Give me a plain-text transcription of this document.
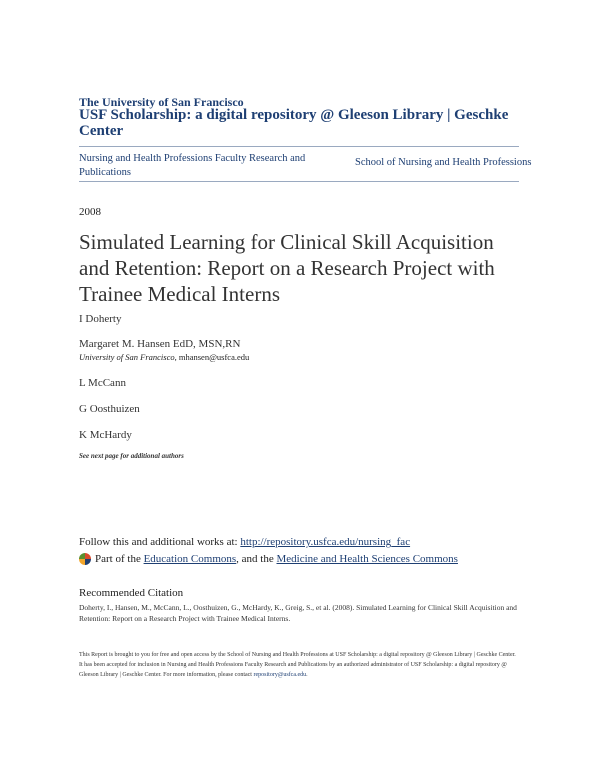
The University of San Francisco
USF Scholarship: a digital repository @ Gleeson Library | Geschke Center
Nursing and Health Professions Faculty Research and Publications
School of Nursing and Health Professions
2008
Simulated Learning for Clinical Skill Acquisition and Retention: Report on a Research Project with Trainee Medical Interns
I Doherty
Margaret M. Hansen EdD, MSN,RN
University of San Francisco, mhansen@usfca.edu
L McCann
G Oosthuizen
K McHardy
See next page for additional authors
Follow this and additional works at: http://repository.usfca.edu/nursing_fac
Part of the
Education Commons , and the
Medicine and Health Sciences Commons
Recommended Citation
Doherty, I., Hansen, M., McCann, L., Oosthuizen, G., McHardy, K., Greig, S., et al. (2008). Simulated Learning for Clinical Skill Acquisition and Retention: Report on a Research Project with Trainee Medical Interns.
This Report is brought to you for free and open access by the School of Nursing and Health Professions at USF Scholarship: a digital repository @ Gleeson Library | Geschke Center. It has been accepted for inclusion in Nursing and Health Professions Faculty Research and Publications by an authorized administrator of USF Scholarship: a digital repository @ Gleeson Library | Geschke Center. For more information, please contact repository@usfca.edu.
